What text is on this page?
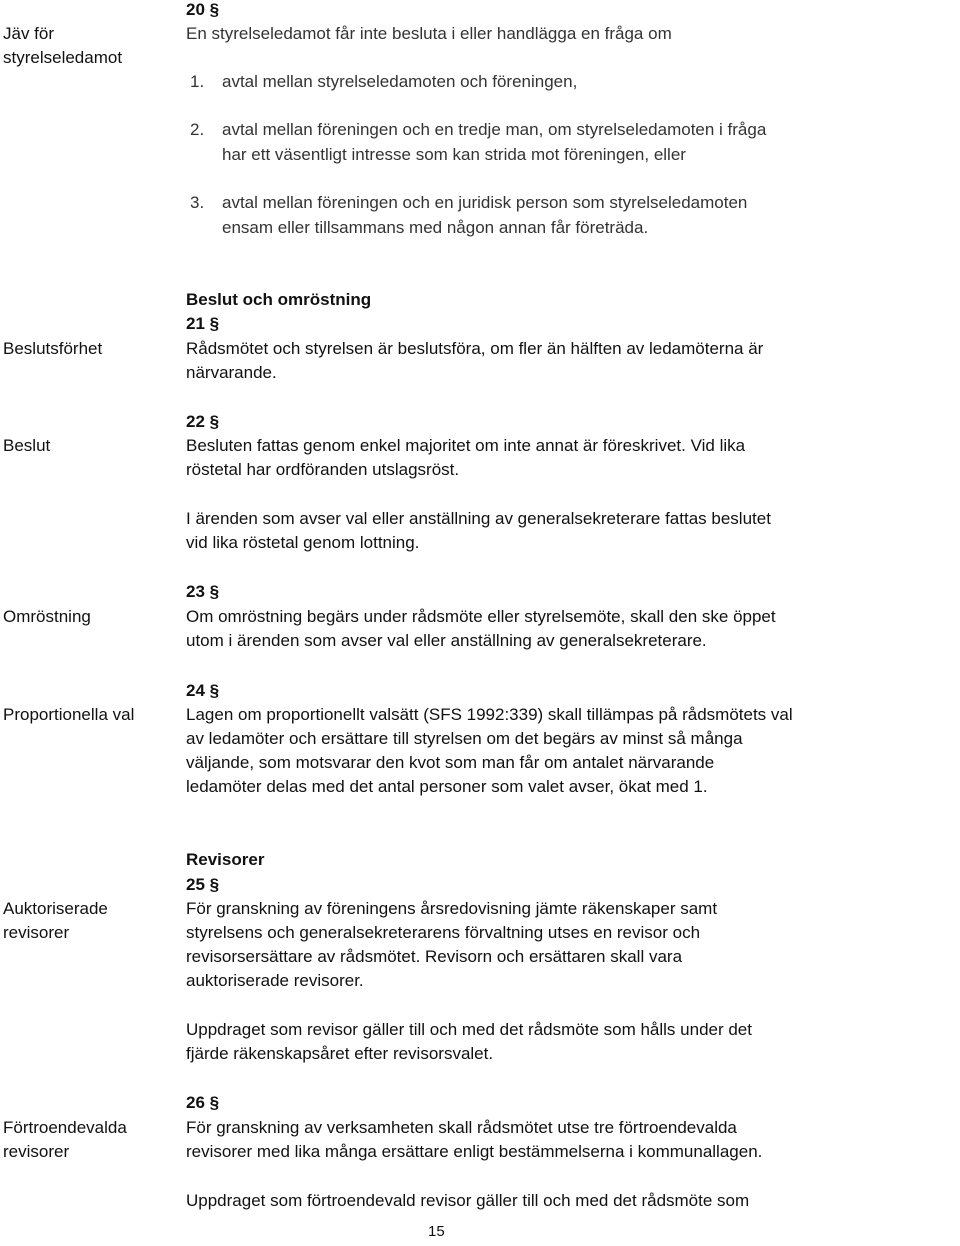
Jäv för

styrelseledamot

20 §

En styrelseledamot får inte besluta i eller handlägga en fråga om

1. avtal mellan styrelseledamoten och föreningen,

2. avtal mellan föreningen och en tredje man, om styrelseledamoten i fråga

har ett väsentligt intresse som kan strida mot föreningen, eller

3. avtal mellan föreningen och en juridisk person som styrelseledamoten

ensam eller tillsammans med någon annan får företräda.

Beslut och omröstning

21 §

Beslutsförhet	Rådsmötet och styrelsen är beslutsföra, om fler än hälften av ledamöterna är

närvarande.

22 §

Beslut	Besluten fattas genom enkel majoritet om inte annat är föreskrivet. Vid lika

röstetal har ordföranden utslagsröst.

I ärenden som avser val eller anställning av generalsekreterare fattas beslutet

vid lika röstetal genom lottning.

23 §

Omröstning	Om omröstning begärs under rådsmöte eller styrelsemöte, skall den ske öppet

utom i ärenden som avser val eller anställning av generalsekreterare.

24 §

Proportionella val	Lagen om proportionellt valsätt (SFS 1992:339) skall tillämpas på rådsmötets val

av ledamöter och ersättare till styrelsen om det begärs av minst så många

väljande, som motsvarar den kvot som man får om antalet närvarande

ledamöter delas med det antal personer som valet avser, ökat med 1.

Revisorer

25 §

Auktoriserade

revisorer

För granskning av föreningens årsredovisning jämte räkenskaper samt

styrelsens och generalsekreterarens förvaltning utses en revisor och

revisorsersättare av rådsmötet. Revisorn och ersättaren skall vara

auktoriserade revisorer.

Uppdraget som revisor gäller till och med det rådsmöte som hålls under det

fjärde räkenskapsåret efter revisorsvalet.

26 §

Förtroendevalda

revisorer

För granskning av verksamheten skall rådsmötet utse tre förtroendevalda

revisorer med lika många ersättare enligt bestämmelserna i kommunallagen.

Uppdraget som förtroendevald revisor gäller till och med det rådsmöte som

15
